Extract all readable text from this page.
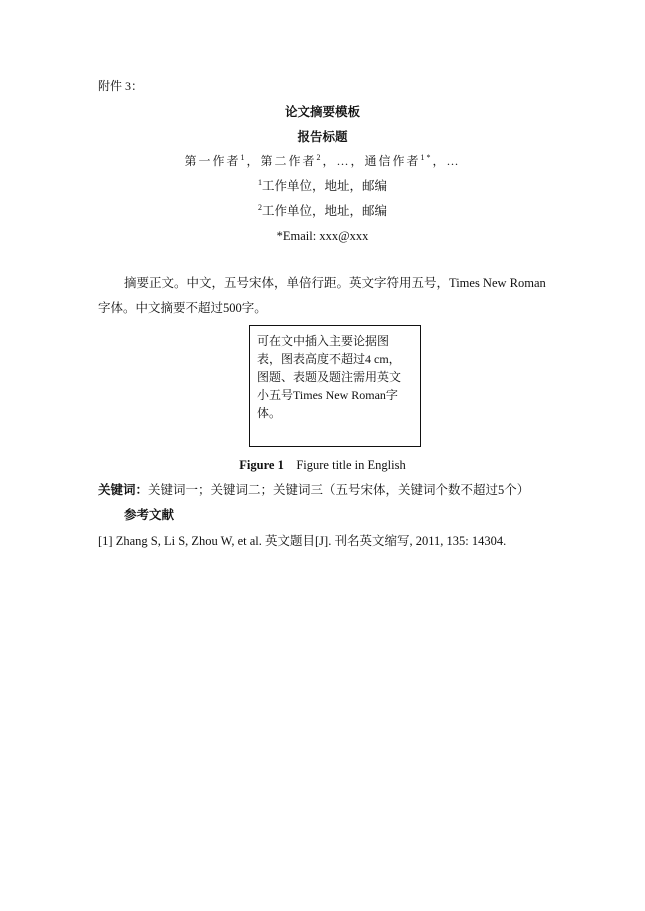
附件 3：
论文摘要模板
报告标题
第一作者$^1$，第二作者$^2$，…，通信作者$^{1*}$，…
$^1$工作单位，地址，邮编
$^2$工作单位，地址，邮编
*Email: xxx@xxx
摘要正文。中文，五号宋体，单倍行距。英文字符用五号，Times New Roman
字体。中文摘要不超过500字。
可在文中插入主要论据图
表，图表高度不超过4 cm，
图题、表题及题注需用英文
小五号Times New Roman字
体。
Figure 1 Figure title in English
关键词：关键词一；关键词二；关键词三（五号宋体，关键词个数不超过5个）
参考文献
[1] Zhang S, Li S, Zhou W, et al. 英文题目[J]. 刊名英文缩写, 2011, 135: 14304.
